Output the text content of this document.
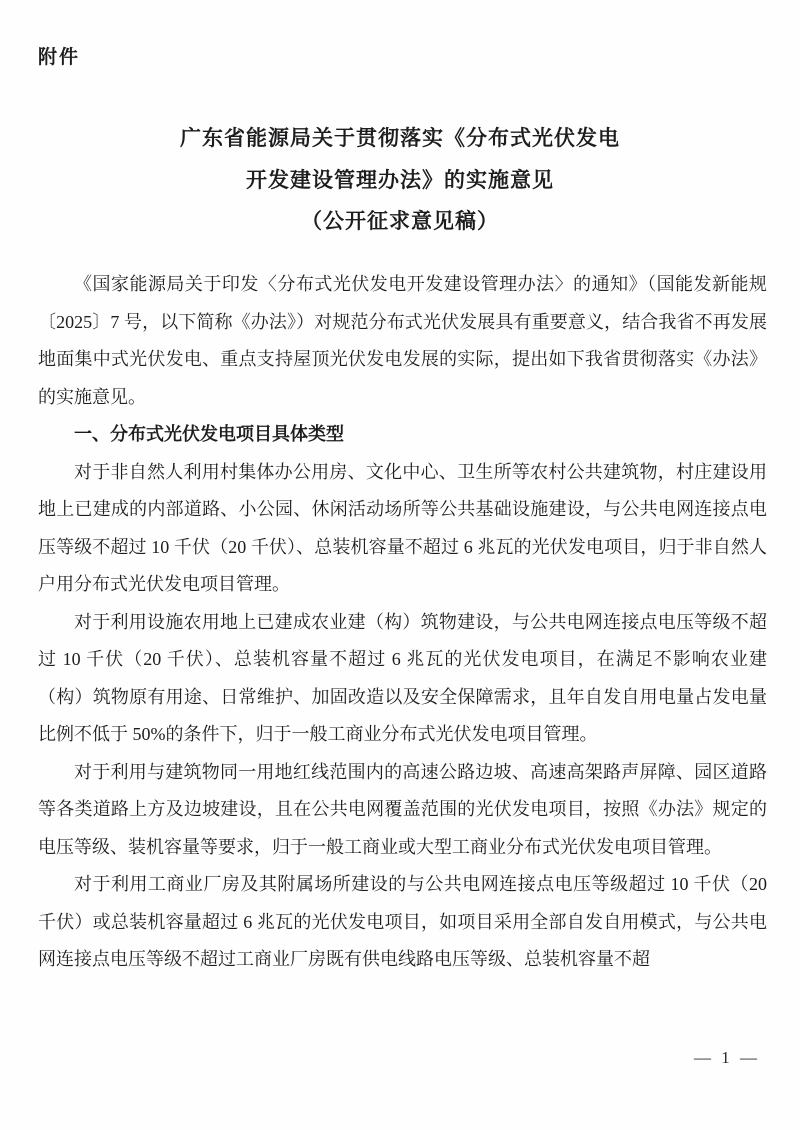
附件
广东省能源局关于贯彻落实《分布式光伏发电
开发建设管理办法》的实施意见
（公开征求意见稿）

《国家能源局关于印发〈分布式光伏发电开发建设管理办法〉的通知》（国能发新能规〔2025〕7 号，以下简称《办法》）对规范分布式光伏发展具有重要意义，结合我省不再发展地面集中式光伏发电、重点支持屋顶光伏发电发展的实际，提出如下我省贯彻落实《办法》的实施意见。

一、分布式光伏发电项目具体类型

对于非自然人利用村集体办公用房、文化中心、卫生所等农村公共建筑物，村庄建设用地上已建成的内部道路、小公园、休闲活动场所等公共基础设施建设，与公共电网连接点电压等级不超过 10 千伏（20 千伏）、总装机容量不超过 6 兆瓦的光伏发电项目，归于非自然人户用分布式光伏发电项目管理。

对于利用设施农用地上已建成农业建（构）筑物建设，与公共电网连接点电压等级不超过 10 千伏（20 千伏）、总装机容量不超过 6 兆瓦的光伏发电项目，在满足不影响农业建（构）筑物原有用途、日常维护、加固改造以及安全保障需求，且年自发自用电量占发电量比例不低于 50%的条件下，归于一般工商业分布式光伏发电项目管理。

对于利用与建筑物同一用地红线范围内的高速公路边坡、高速高架路声屏障、园区道路等各类道路上方及边坡建设，且在公共电网覆盖范围的光伏发电项目，按照《办法》规定的电压等级、装机容量等要求，归于一般工商业或大型工商业分布式光伏发电项目管理。

对于利用工商业厂房及其附属场所建设的与公共电网连接点电压等级超过 10 千伏（20 千伏）或总装机容量超过 6 兆瓦的光伏发电项目，如项目采用全部自发自用模式，与公共电网连接点电压等级不超过工商业厂房既有供电线路电压等级、总装机容量不超

— 1 —
